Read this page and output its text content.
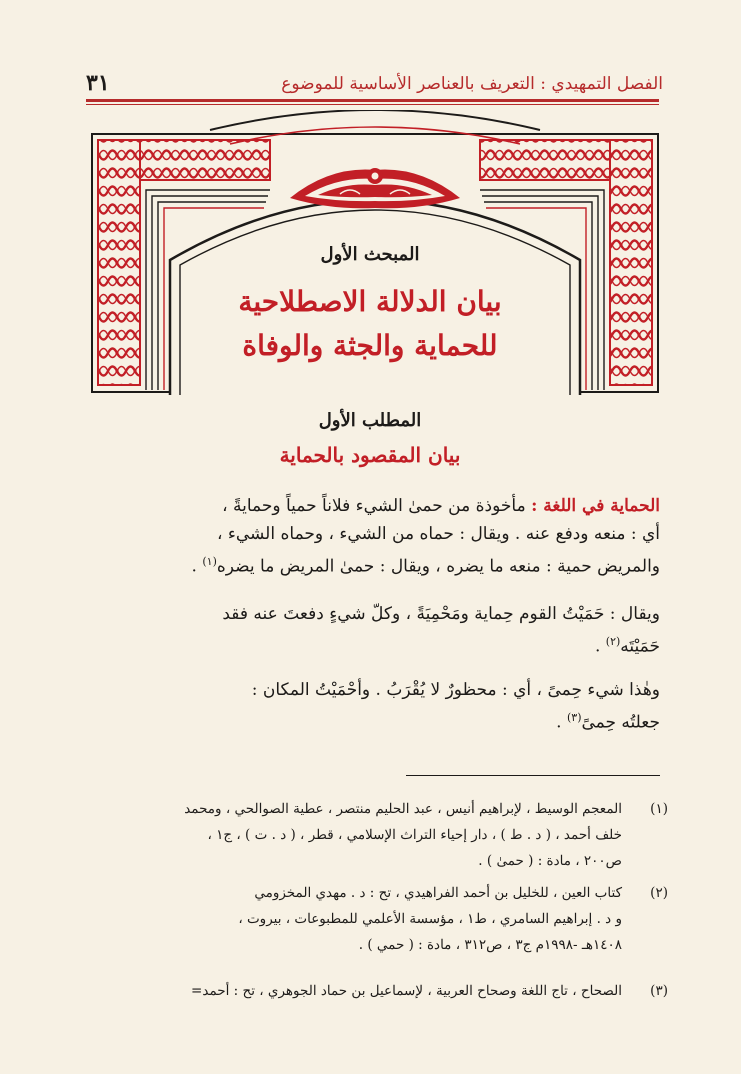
الفصل التمهيدي : التعريف بالعناصر الأساسية للموضوع
٣١
المبحث الأول
بيان الدلالة الاصطلاحية
للحماية والجثة والوفاة
المطلب الأول
بيان المقصود بالحماية
الحماية في اللغة : مأخوذة من حمىٰ الشيء فلاناً حمياً وحمايةً ،
أي : منعه ودفع عنه . ويقال : حماه من الشيء ، وحماه الشيء ،
والمريض حمية : منعه ما يضره ، ويقال : حمىٰ المريض ما يضره$^{(١)}$ .
ويقال : حَمَيْتُ القوم حِماية ومَحْمِيَةً ، وكلّ شيءٍ دفعتَ عنه فقد
حَمَيْتَه$^{(٢)}$ .
وهٰذا شيء حِمىً ، أي : محظورٌ لا يُقْرَبُ . وأحْمَيْتُ المكان :
جعلتُه حِمىً$^{(٣)}$ .
(١)المعجم الوسيط ، لإبراهيم أنيس ، عبد الحليم منتصر ، عطية الصوالحي ، ومحمد
خلف أحمد ، ( د . ط ) ، دار إحياء التراث الإسلامي ، قطر ، ( د . ت ) ، ج١ ،
ص٢٠٠ ، مادة : ( حمىٰ ) .
(٢)كتاب العين ، للخليل بن أحمد الفراهيدي ، تح : د . مهدي المخزومي
و د . إبراهيم السامري ، ط١ ، مؤسسة الأعلمي للمطبوعات ، بيروت ،
١٤٠٨هـ -١٩٩٨م ج٣ ، ص٣١٢ ، مادة : ( حمي ) .
(٣)الصحاح ، تاج اللغة وصحاح العربية ، لإسماعيل بن حماد الجوهري ، تح : أحمد=
